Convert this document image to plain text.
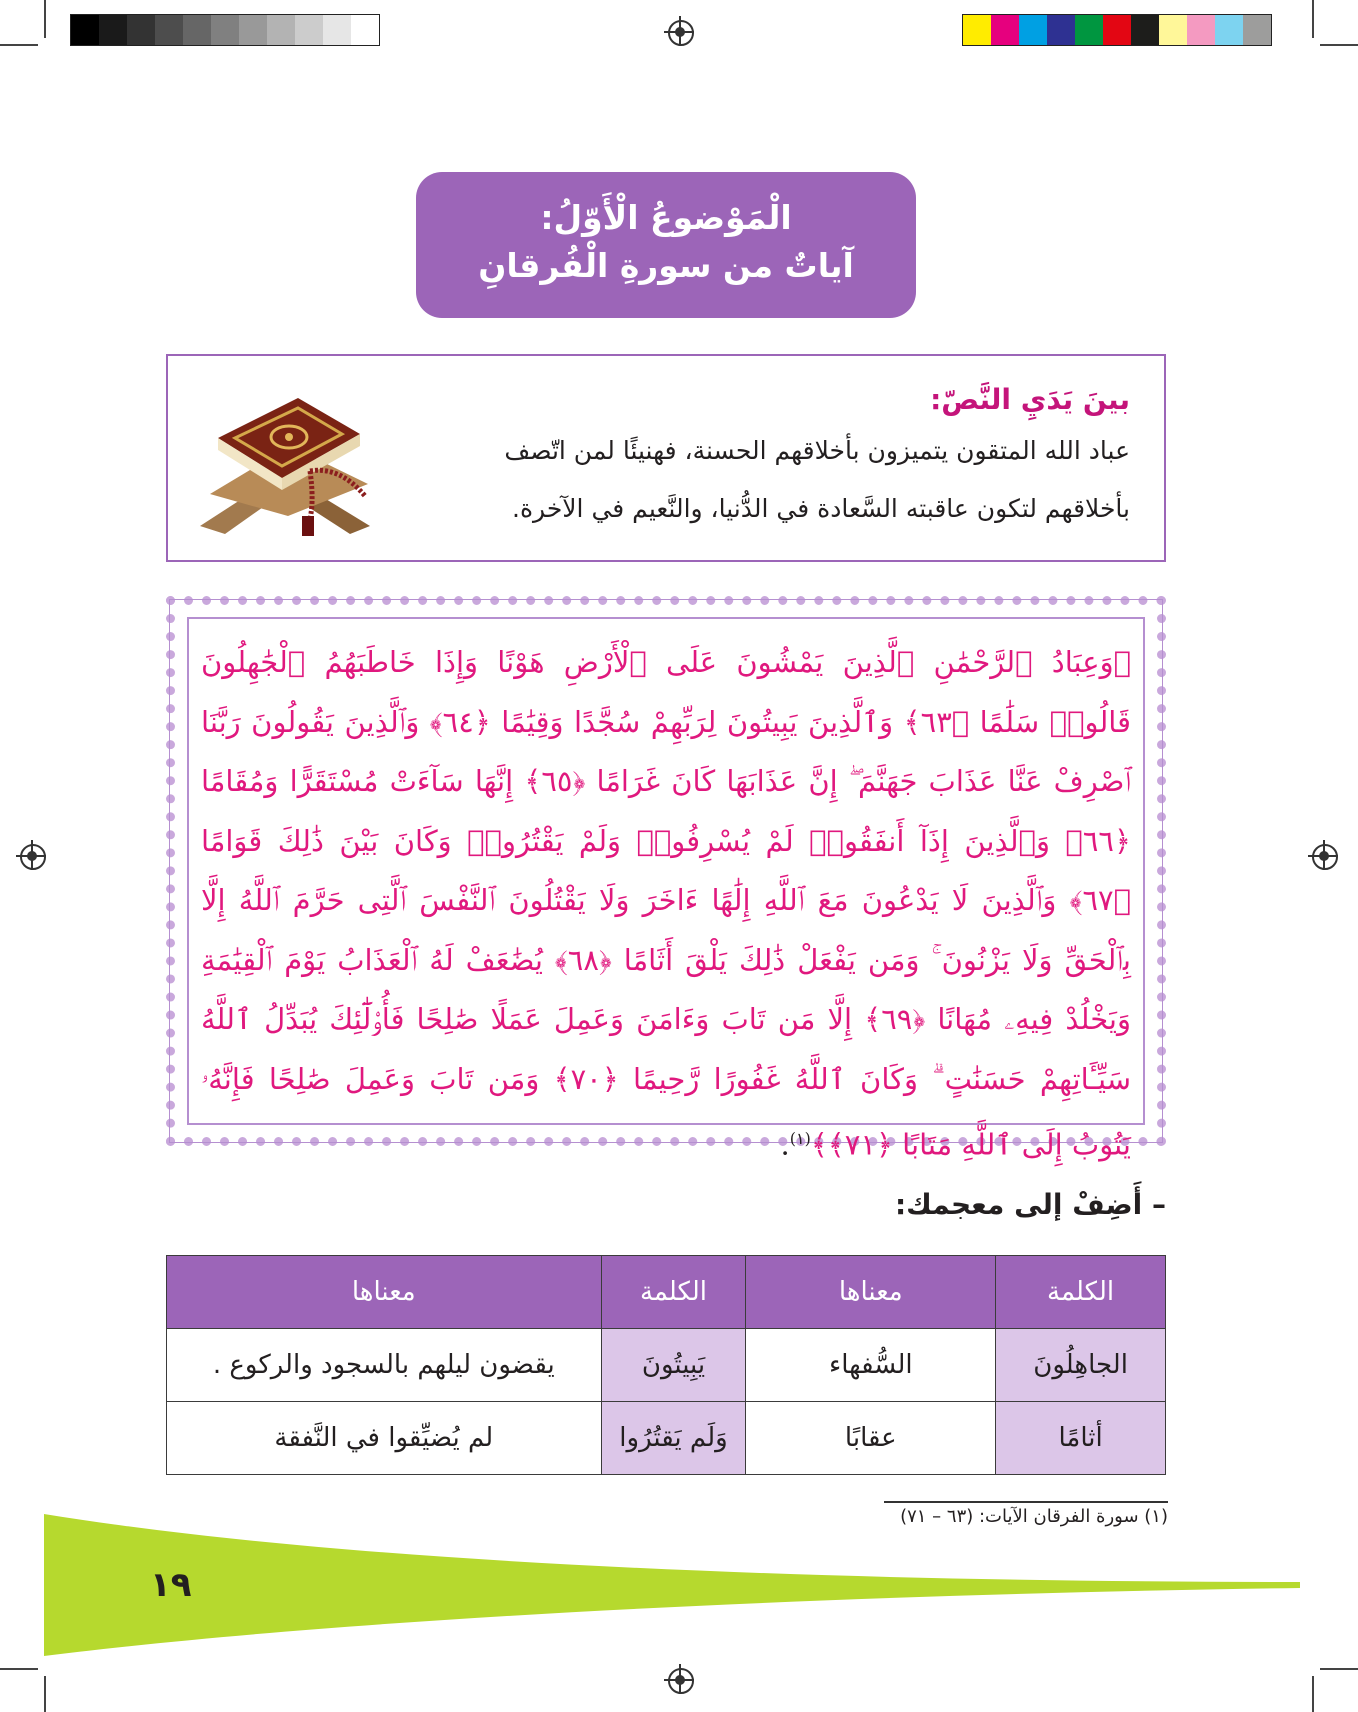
الْمَوْضوعُ الْأَوّلُ:
آياتٌ من سورةِ الْفُرقانِ
بينَ يَدَيِ النَّصّ:
عباد الله المتقون يتميزون بأخلاقهم الحسنة، فهنيئًا لمن اتّصف
بأخلاقهم لتكون عاقبته السَّعادة في الدُّنيا، والنَّعيم في الآخرة.
﴿وَعِبَادُ ٱلرَّحْمَٰنِ ٱلَّذِينَ يَمْشُونَ عَلَى ٱلْأَرْضِ هَوْنًا وَإِذَا خَاطَبَهُمُ ٱلْجَٰهِلُونَ قَالُوا۟ سَلَٰمًا ﴿٦٣﴾ وَٱلَّذِينَ يَبِيتُونَ لِرَبِّهِمْ سُجَّدًا وَقِيَٰمًا ﴿٦٤﴾ وَٱلَّذِينَ يَقُولُونَ رَبَّنَا ٱصْرِفْ عَنَّا عَذَابَ جَهَنَّمَ ۖ إِنَّ عَذَابَهَا كَانَ غَرَامًا ﴿٦٥﴾ إِنَّهَا سَآءَتْ مُسْتَقَرًّا وَمُقَامًا ﴿٦٦﴾ وَٱلَّذِينَ إِذَآ أَنفَقُوا۟ لَمْ يُسْرِفُوا۟ وَلَمْ يَقْتُرُوا۟ وَكَانَ بَيْنَ ذَٰلِكَ قَوَامًا ﴿٦٧﴾ وَٱلَّذِينَ لَا يَدْعُونَ مَعَ ٱللَّهِ إِلَٰهًا ءَاخَرَ وَلَا يَقْتُلُونَ ٱلنَّفْسَ ٱلَّتِى حَرَّمَ ٱللَّهُ إِلَّا بِٱلْحَقِّ وَلَا يَزْنُونَ ۚ وَمَن يَفْعَلْ ذَٰلِكَ يَلْقَ أَثَامًا ﴿٦٨﴾ يُضَٰعَفْ لَهُ ٱلْعَذَابُ يَوْمَ ٱلْقِيَٰمَةِ وَيَخْلُدْ فِيهِۦ مُهَانًا ﴿٦٩﴾ إِلَّا مَن تَابَ وَءَامَنَ وَعَمِلَ عَمَلًا صَٰلِحًا فَأُو۟لَٰٓئِكَ يُبَدِّلُ ٱللَّهُ سَيِّـَٔاتِهِمْ حَسَنَٰتٍ ۗ وَكَانَ ٱللَّهُ غَفُورًا رَّحِيمًا ﴿٧٠﴾ وَمَن تَابَ وَعَمِلَ صَٰلِحًا فَإِنَّهُۥ يَتُوبُ إِلَى ٱللَّهِ مَتَابًا ﴿٧١﴾﴾$^{(١)}$.
– أَضِفْ إلى معجمك:
الكلمة	معناها	الكلمة	معناها
الجاهِلُونَ	السُّفهاء	يَبِيتُونَ	يقضون ليلهم بالسجود والركوع .
أثامًا	عقابًا	وَلَم يَقتُرُوا	لم يُضيِّقوا في النَّفقة
(١) سورة الفرقان الآيات: (٦٣ – ٧١)
١٩
